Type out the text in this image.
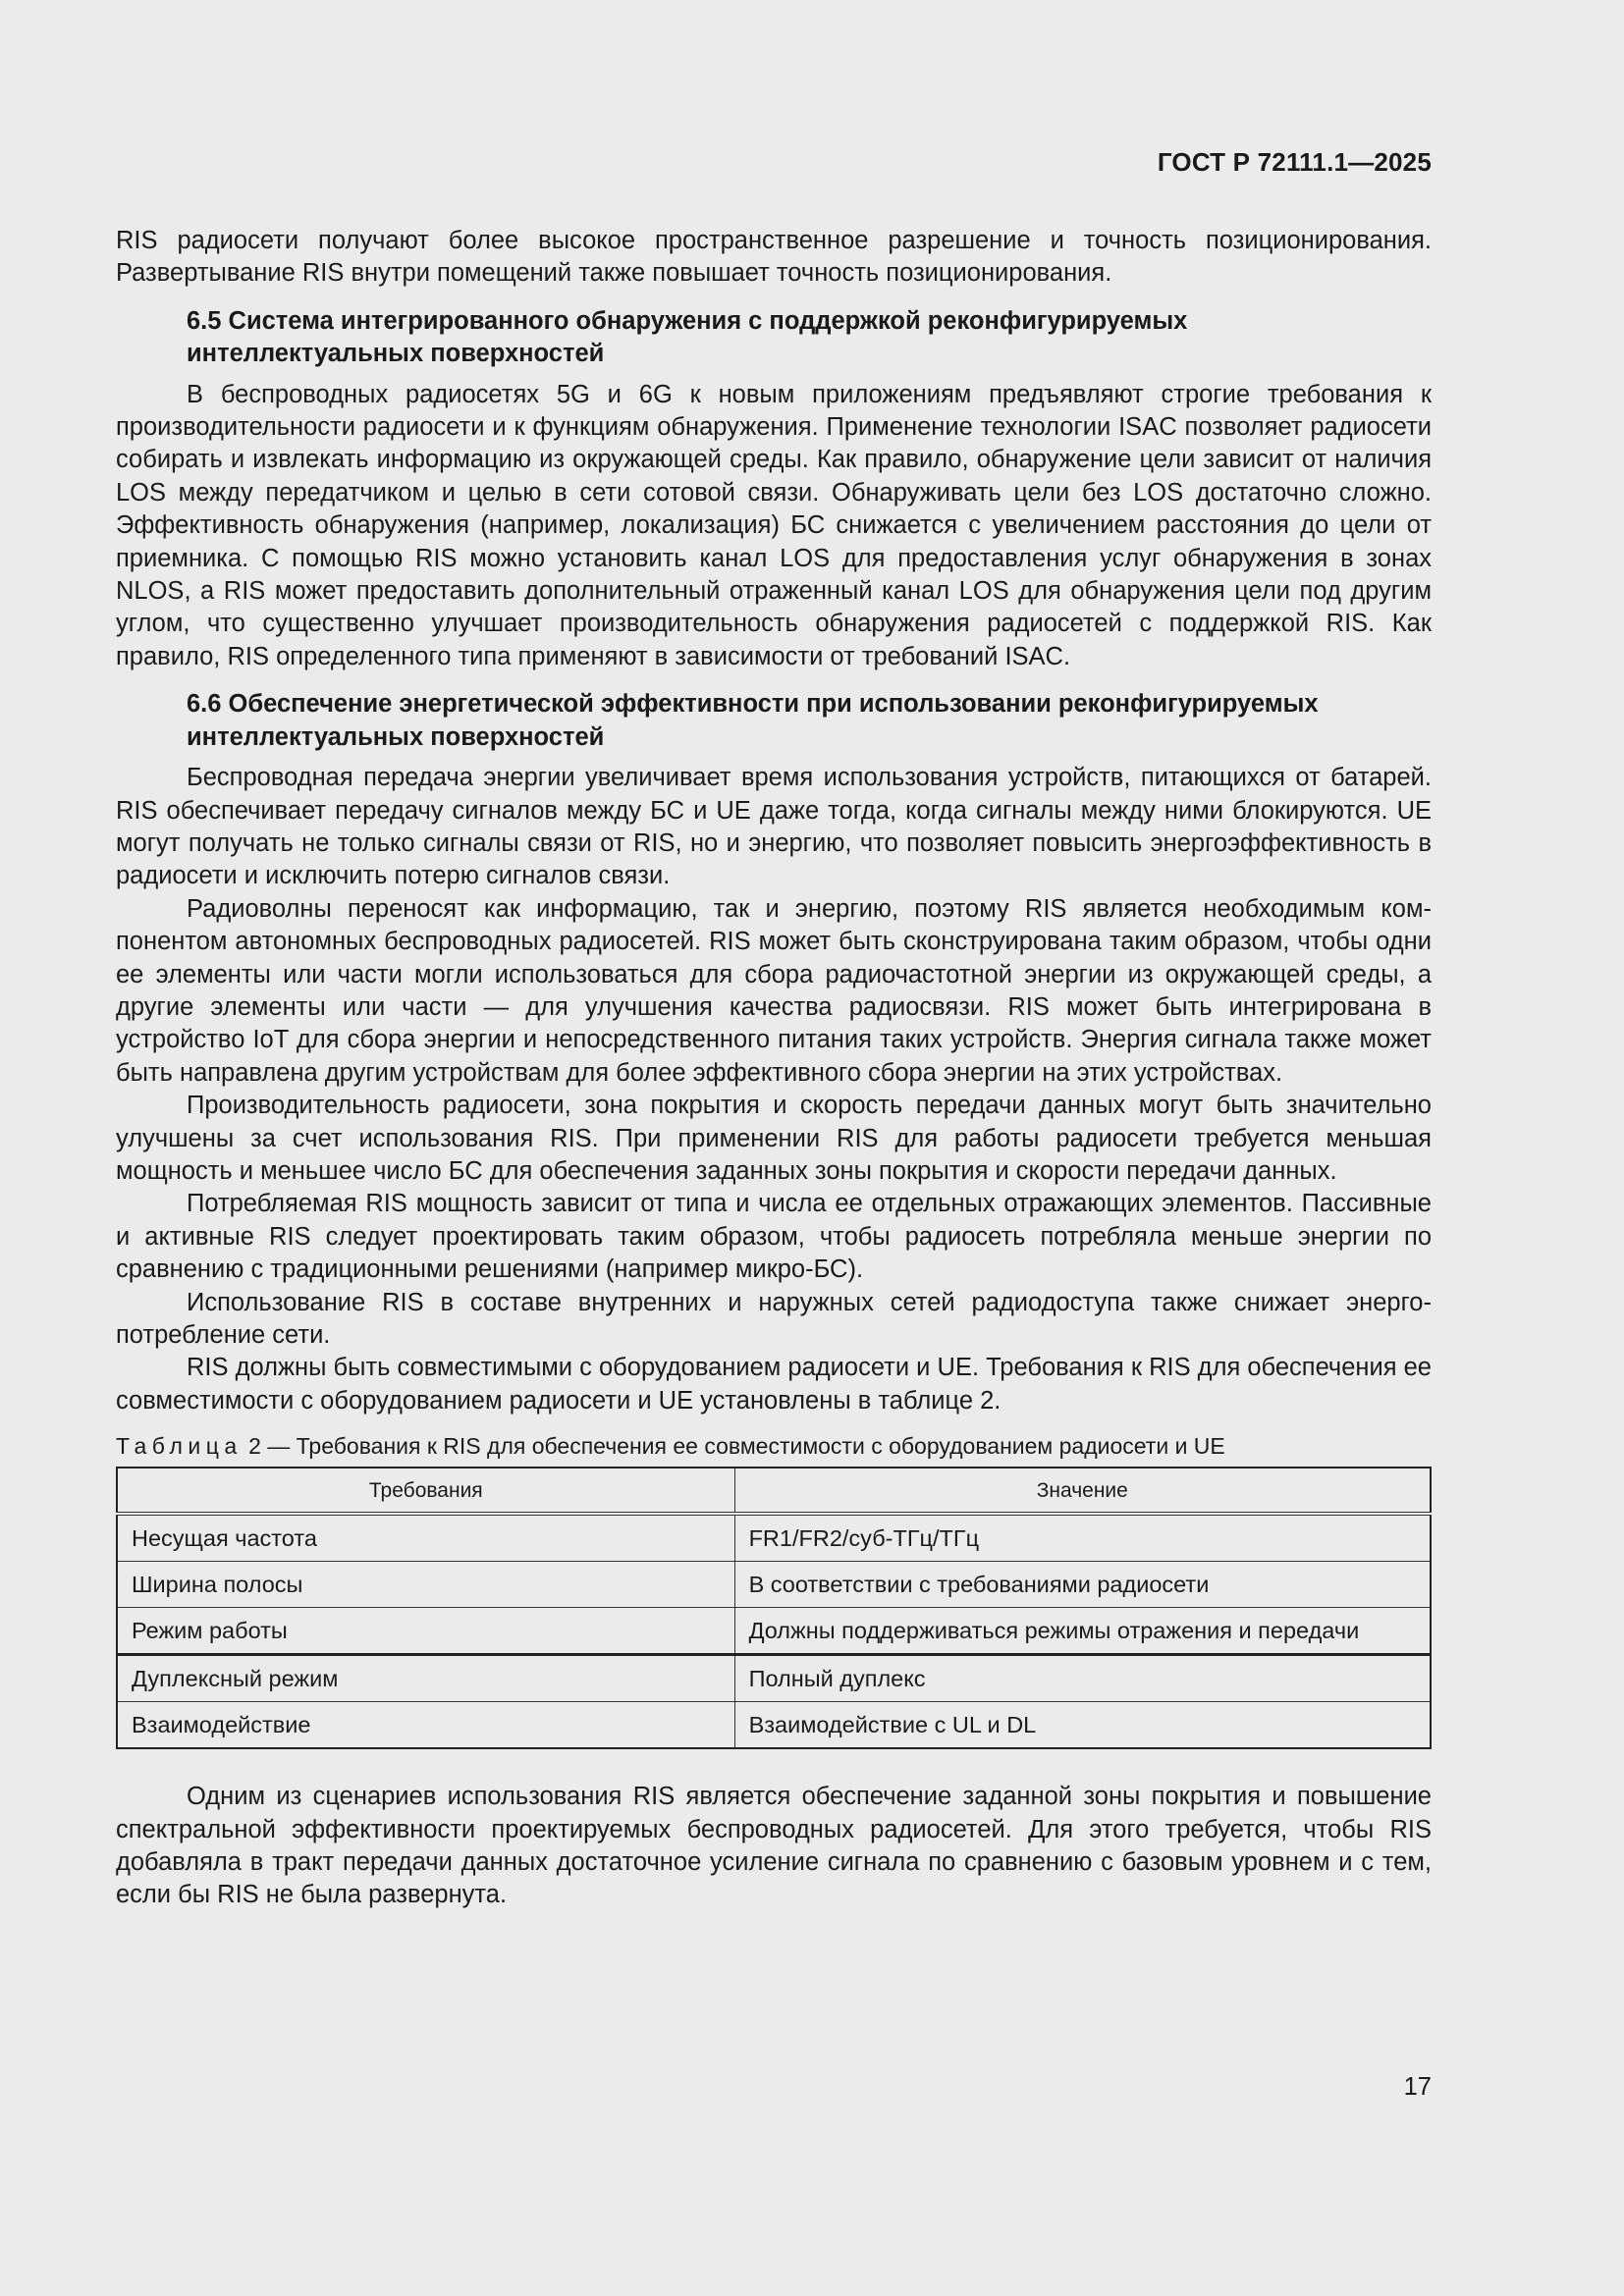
ГОСТ Р 72111.1—2025

RIS радиосети получают более высокое пространственное разрешение и точность позиционирования. Развертывание RIS внутри помещений также повышает точность позиционирования.

6.5 Система интегрированного обнаружения с поддержкой реконфигурируемых интеллектуальных поверхностей

В беспроводных радиосетях 5G и 6G к новым приложениям предъявляют строгие требования к производительности радиосети и к функциям обнаружения. Применение технологии ISAC позволяет радиосети собирать и извлекать информацию из окружающей среды. Как правило, обнаружение цели зависит от наличия LOS между передатчиком и целью в сети сотовой связи. Обнаруживать цели без LOS достаточно сложно. Эффективность обнаружения (например, локализация) БС снижается с увеличением расстояния до цели от приемника. С помощью RIS можно установить канал LOS для предоставления услуг обнаружения в зонах NLOS, а RIS может предоставить дополнительный отраженный канал LOS для обнаружения цели под другим углом, что существенно улучшает производительность обнаружения радиосетей с поддержкой RIS. Как правило, RIS определенного типа применяют в зависимости от требований ISAC.

6.6 Обеспечение энергетической эффективности при использовании реконфигурируемых интеллектуальных поверхностей

Беспроводная передача энергии увеличивает время использования устройств, питающихся от батарей. RIS обеспечивает передачу сигналов между БС и UE даже тогда, когда сигналы между ними блокируются. UE могут получать не только сигналы связи от RIS, но и энергию, что позволяет повысить энергоэффективность в радиосети и исключить потерю сигналов связи.

Радиоволны переносят как информацию, так и энергию, поэтому RIS является необходимым компонентом автономных беспроводных радиосетей. RIS может быть сконструирована таким образом, чтобы одни ее элементы или части могли использоваться для сбора радиочастотной энергии из окружающей среды, а другие элементы или части — для улучшения качества радиосвязи. RIS может быть интегрирована в устройство IoT для сбора энергии и непосредственного питания таких устройств. Энергия сигнала также может быть направлена другим устройствам для более эффективного сбора энергии на этих устройствах.

Производительность радиосети, зона покрытия и скорость передачи данных могут быть значительно улучшены за счет использования RIS. При применении RIS для работы радиосети требуется меньшая мощность и меньшее число БС для обеспечения заданных зоны покрытия и скорости передачи данных.

Потребляемая RIS мощность зависит от типа и числа ее отдельных отражающих элементов. Пассивные и активные RIS следует проектировать таким образом, чтобы радиосеть потребляла меньше энергии по сравнению с традиционными решениями (например микро-БС).

Использование RIS в составе внутренних и наружных сетей радиодоступа также снижает энергопотребление сети.

RIS должны быть совместимыми с оборудованием радиосети и UE. Требования к RIS для обеспечения ее совместимости с оборудованием радиосети и UE установлены в таблице 2.

Таблица 2 — Требования к RIS для обеспечения ее совместимости с оборудованием радиосети и UE
Требования	Значение
Несущая частота	FR1/FR2/суб-ТГц/ТГц
Ширина полосы	В соответствии с требованиями радиосети
Режим работы	Должны поддерживаться режимы отражения и передачи
Дуплексный режим	Полный дуплекс
Взаимодействие	Взаимодействие с UL и DL

Одним из сценариев использования RIS является обеспечение заданной зоны покрытия и повышение спектральной эффективности проектируемых беспроводных радиосетей. Для этого требуется, чтобы RIS добавляла в тракт передачи данных достаточное усиление сигнала по сравнению с базовым уровнем и с тем, если бы RIS не была развернута.

17
